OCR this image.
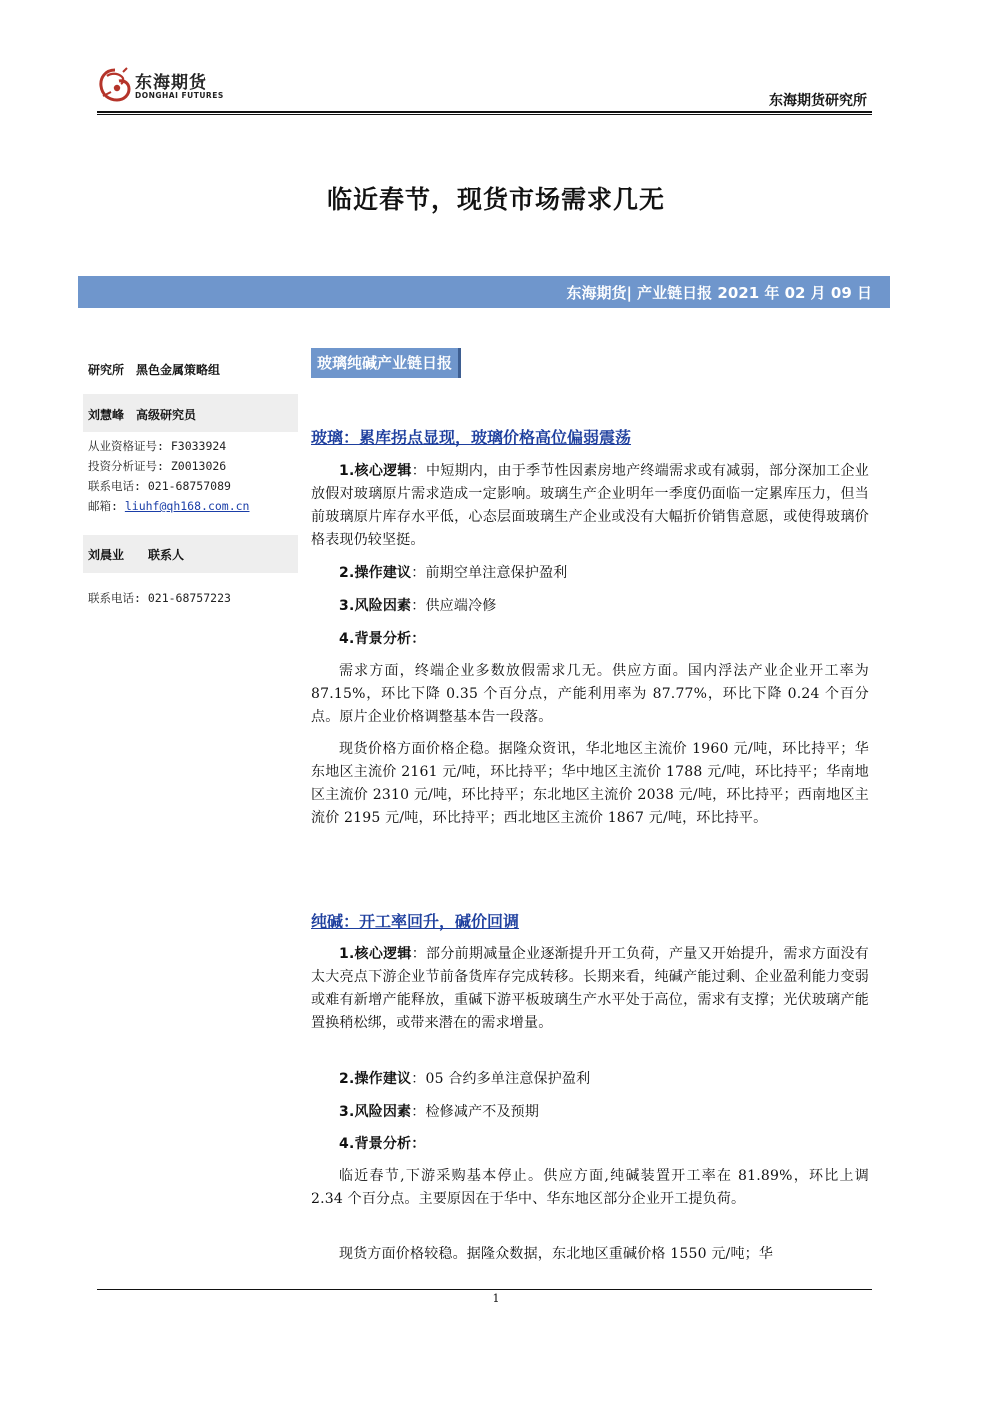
东海期货
DONGHAI FUTURES	东海期货研究所
临近春节，现货市场需求几无
东海期货| 产业链日报 2021 年 02 月 09 日
研究所　黑色金属策略组
刘慧峰　高级研究员
从业资格证号: F3033924
投资分析证号: Z0013026
联系电话: 021-68757089
邮箱: liuhf@qh168.com.cn
刘晨业　　联系人
联系电话: 021-68757223
玻璃纯碱产业链日报
玻璃：累库拐点显现，玻璃价格高位偏弱震荡
1.核心逻辑：中短期内，由于季节性因素房地产终端需求或有减弱，部分深加工企业放假对玻璃原片需求造成一定影响。玻璃生产企业明年一季度仍面临一定累库压力，但当前玻璃原片库存水平低，心态层面玻璃生产企业或没有大幅折价销售意愿，或使得玻璃价格表现仍较坚挺。
2.操作建议：前期空单注意保护盈利
3.风险因素：供应端冷修
4.背景分析：
需求方面，终端企业多数放假需求几无。供应方面。国内浮法产业企业开工率为 87.15%，环比下降 0.35 个百分点，产能利用率为 87.77%，环比下降 0.24 个百分点。原片企业价格调整基本告一段落。
现货价格方面价格企稳。据隆众资讯，华北地区主流价 1960 元/吨，环比持平；华东地区主流价 2161 元/吨，环比持平；华中地区主流价 1788 元/吨，环比持平；华南地区主流价 2310 元/吨，环比持平；东北地区主流价 2038 元/吨，环比持平；西南地区主流价 2195 元/吨，环比持平；西北地区主流价 1867 元/吨，环比持平。
纯碱：开工率回升，碱价回调
1.核心逻辑：部分前期减量企业逐渐提升开工负荷，产量又开始提升，需求方面没有太大亮点下游企业节前备货库存完成转移。长期来看，纯碱产能过剩、企业盈利能力变弱或难有新增产能释放，重碱下游平板玻璃生产水平处于高位，需求有支撑；光伏玻璃产能置换稍松绑，或带来潜在的需求增量。
2.操作建议：05 合约多单注意保护盈利
3.风险因素：检修减产不及预期
4.背景分析：
临近春节,下游采购基本停止。供应方面,纯碱装置开工率在 81.89%，环比上调 2.34 个百分点。主要原因在于华中、华东地区部分企业开工提负荷。
现货方面价格较稳。据隆众数据，东北地区重碱价格 1550 元/吨；华
1
